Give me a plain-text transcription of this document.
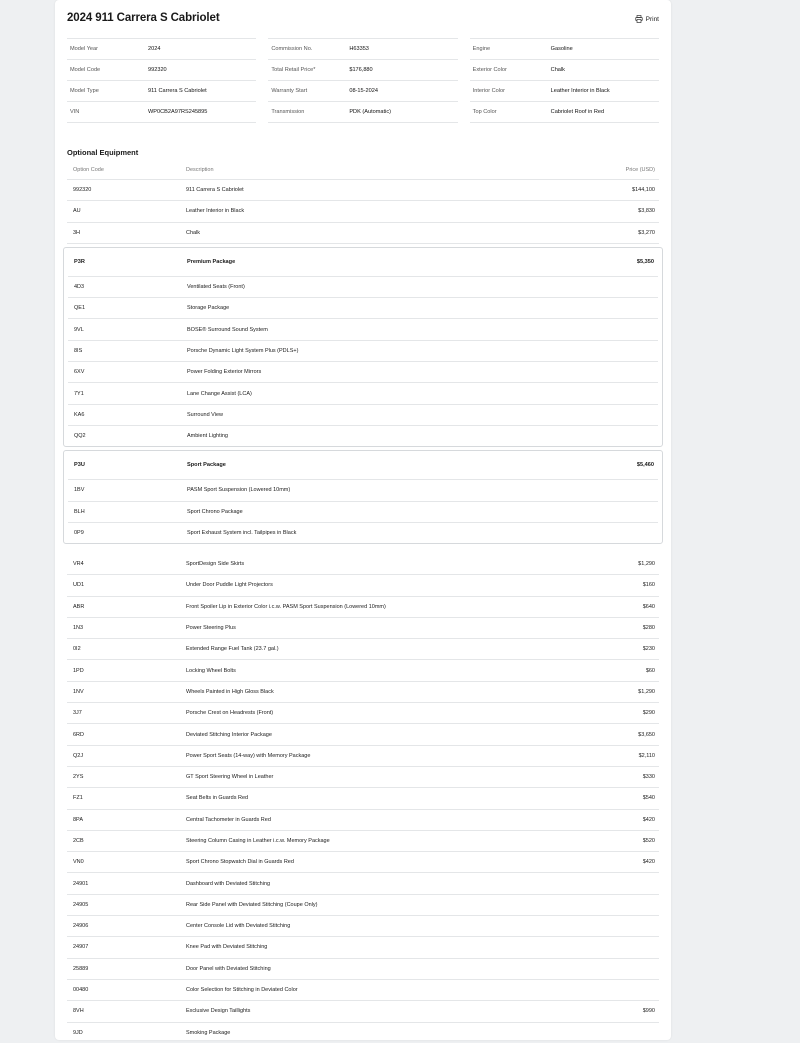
2024 911 Carrera S Cabriolet	Print
Model Year	2024
Model Code	992320
Model Type	911 Carrera S Cabriolet
VIN	WP0CB2A97RS245895
Commission No.	H63353
Total Retail Price*	$176,880
Warranty Start	08-15-2024
Transmission	PDK (Automatic)
Engine	Gasoline
Exterior Color	Chalk
Interior Color	Leather Interior in Black
Top Color	Cabriolet Roof in Red
Optional Equipment
Option Code	Description	Price (USD)
992320	911 Carrera S Cabriolet	$144,100
AU	Leather Interior in Black	$3,830
3H	Chalk	$3,270
P3R	Premium Package	$5,350
4D3	Ventilated Seats (Front)
QE1	Storage Package
9VL	BOSE® Surround Sound System
8IS	Porsche Dynamic Light System Plus (PDLS+)
6XV	Power Folding Exterior Mirrors
7Y1	Lane Change Assist (LCA)
KA6	Surround View
QQ2	Ambient Lighting
P3U	Sport Package	$5,460
1BV	PASM Sport Suspension (Lowered 10mm)
BLH	Sport Chrono Package
0P9	Sport Exhaust System incl. Tailpipes in Black
VR4	SportDesign Side Skirts	$1,290
UD1	Under Door Puddle Light Projectors	$160
ABR	Front Spoiler Lip in Exterior Color i.c.w. PASM Sport Suspension (Lowered 10mm)	$640
1N3	Power Steering Plus	$280
0I2	Extended Range Fuel Tank (23.7 gal.)	$230
1PD	Locking Wheel Bolts	$60
1NV	Wheels Painted in High Gloss Black	$1,290
3J7	Porsche Crest on Headrests (Front)	$290
6RD	Deviated Stitching Interior Package	$3,650
Q2J	Power Sport Seats (14-way) with Memory Package	$2,110
2YS	GT Sport Steering Wheel in Leather	$330
FZ1	Seat Belts in Guards Red	$540
8PA	Central Tachometer in Guards Red	$420
2CB	Steering Column Casing in Leather i.c.w. Memory Package	$520
VN0	Sport Chrono Stopwatch Dial in Guards Red	$420
24901	Dashboard with Deviated Stitching
24905	Rear Side Panel with Deviated Stitching (Coupe Only)
24906	Center Console Lid with Deviated Stitching
24907	Knee Pad with Deviated Stitching
25889	Door Panel with Deviated Stitching
00480	Color Selection for Stitching in Deviated Color
8VH	Exclusive Design Taillights	$990
9JD	Smoking Package
